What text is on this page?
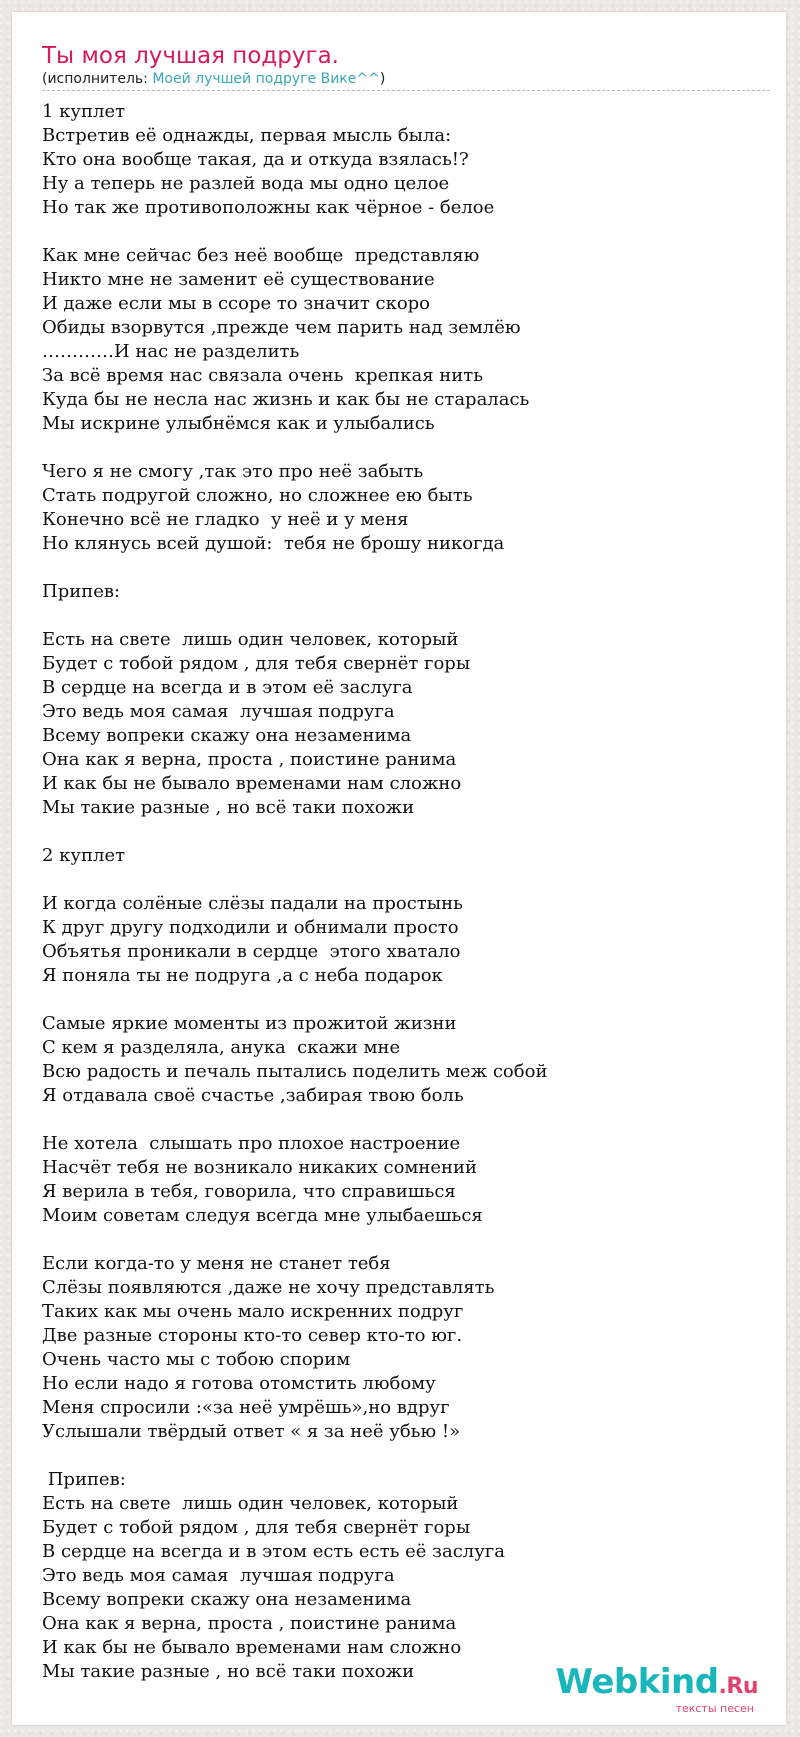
Ты моя лучшая подруга.
(исполнитель: Моей лучшей подруге Вике^^)
1 куплет
Встретив её однажды, первая мысль была:
Кто она вообще такая, да и откуда взялась!?
Ну а теперь не разлей вода мы одно целое
Но так же противоположны как чёрное - белое

Как мне сейчас без неё вообще  представляю
Никто мне не заменит её существование
И даже если мы в ссоре то значит скоро
Обиды взорвутся ,прежде чем парить над землёю
…………И нас не разделить
За всё время нас связала очень  крепкая нить
Куда бы не несла нас жизнь и как бы не старалась
Мы искрине улыбнёмся как и улыбались

Чего я не смогу ,так это про неё забыть
Стать подругой сложно, но сложнее ею быть
Конечно всё не гладко  у неё и у меня
Но клянусь всей душой:  тебя не брошу никогда

Припев:

Есть на свете  лишь один человек, который
Будет с тобой рядом , для тебя свернёт горы
В сердце на всегда и в этом её заслуга
Это ведь моя самая  лучшая подруга
Всему вопреки скажу она незаменима
Она как я верна, проста , поистине ранима
И как бы не бывало временами нам сложно
Мы такие разные , но всё таки похожи

2 куплет

И когда солёные слёзы падали на простынь
К друг другу подходили и обнимали просто
Объятья проникали в сердце  этого хватало
Я поняла ты не подруга ,а с неба подарок

Самые яркие моменты из прожитой жизни
С кем я разделяла, анука  скажи мне
Всю радость и печаль пытались поделить меж собой
Я отдавала своё счастье ,забирая твою боль

Не хотела  слышать про плохое настроение
Насчёт тебя не возникало никаких сомнений
Я верила в тебя, говорила, что справишься
Моим советам следуя всегда мне улыбаешься

Если когда-то у меня не станет тебя
Слёзы появляются ,даже не хочу представлять
Таких как мы очень мало искренних подруг
Две разные стороны кто-то север кто-то юг.
Очень часто мы с тобою спорим
Но если надо я готова отомстить любому
Меня спросили :«за неё умрёшь»,но вдруг
Услышали твёрдый ответ « я за неё убью !»

Припев:
Есть на свете  лишь один человек, который
Будет с тобой рядом , для тебя свернёт горы
В сердце на всегда и в этом есть есть её заслуга
Это ведь моя самая  лучшая подруга
Всему вопреки скажу она незаменима
Она как я верна, проста , поистине ранима
И как бы не бывало временами нам сложно
Мы такие разные , но всё таки похожи	Webkind.Ru
тексты песен
